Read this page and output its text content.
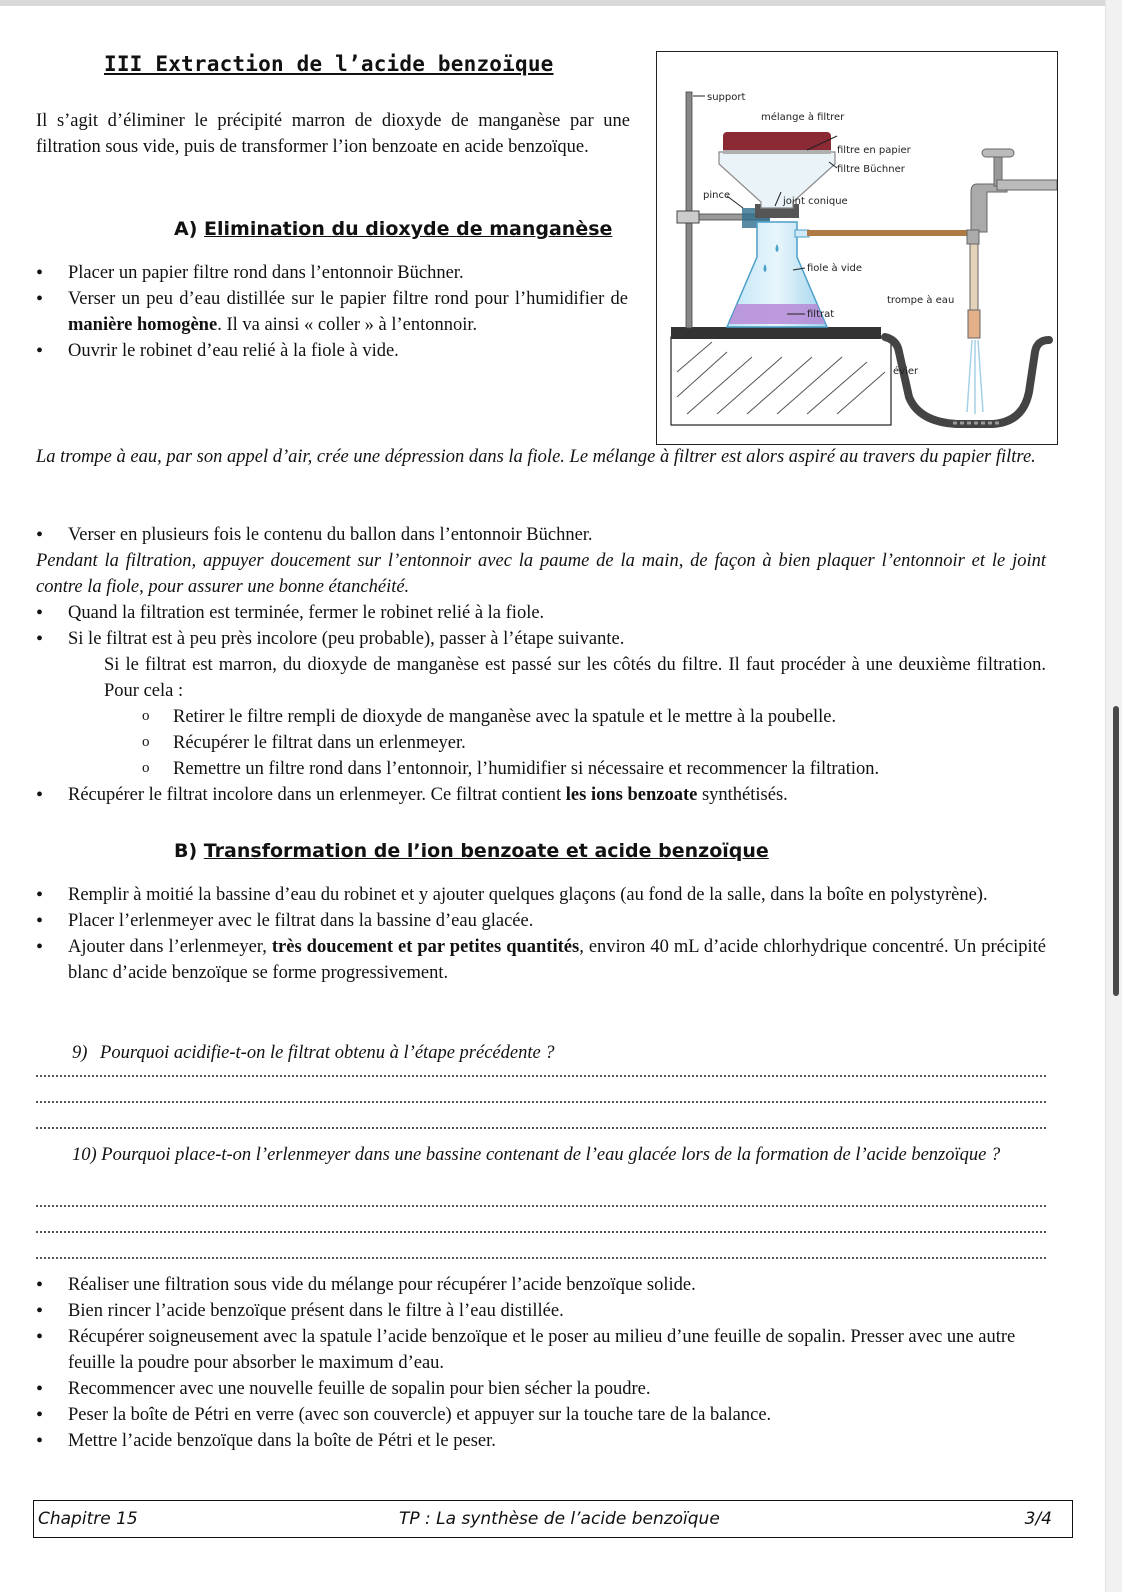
III Extraction de l’acide benzoïque
Il s’agit d’éliminer le précipité marron de dioxyde de manganèse par une filtration sous vide, puis de transformer l’ion benzoate en acide benzoïque.
A) Elimination du dioxyde de manganèse
• Placer un papier filtre rond dans l’entonnoir Büchner.
• Verser un peu d’eau distillée sur le papier filtre rond pour l’humidifier de manière homogène. Il va ainsi « coller » à l’entonnoir.
• Ouvrir le robinet d’eau relié à la fiole à vide.
support
mélange à filtrer
filtre en papier
filtre Büchner
pince
joint conique
fiole à vide
filtrat
trompe à eau
évier
La trompe à eau, par son appel d’air, crée une dépression dans la fiole. Le mélange à filtrer est alors aspiré au travers du papier filtre.
• Verser en plusieurs fois le contenu du ballon dans l’entonnoir Büchner.
Pendant la filtration, appuyer doucement sur l’entonnoir avec la paume de la main, de façon à bien plaquer l’entonnoir et le joint contre la fiole, pour assurer une bonne étanchéité.
• Quand la filtration est terminée, fermer le robinet relié à la fiole.
• Si le filtrat est à peu près incolore (peu probable), passer à l’étape suivante.
Si le filtrat est marron, du dioxyde de manganèse est passé sur les côtés du filtre. Il faut procéder à une deuxième filtration. Pour cela :
o Retirer le filtre rempli de dioxyde de manganèse avec la spatule et le mettre à la poubelle.
o Récupérer le filtrat dans un erlenmeyer.
o Remettre un filtre rond dans l’entonnoir, l’humidifier si nécessaire et recommencer la filtration.
• Récupérer le filtrat incolore dans un erlenmeyer. Ce filtrat contient les ions benzoate synthétisés.
B) Transformation de l’ion benzoate et acide benzoïque
• Remplir à moitié la bassine d’eau du robinet et y ajouter quelques glaçons (au fond de la salle, dans la boîte en polystyrène).
• Placer l’erlenmeyer avec le filtrat dans la bassine d’eau glacée.
• Ajouter dans l’erlenmeyer, très doucement et par petites quantités, environ 40 mL d’acide chlorhydrique concentré. Un précipité blanc d’acide benzoïque se forme progressivement.
9) Pourquoi acidifie-t-on le filtrat obtenu à l’étape précédente ?
10) Pourquoi place-t-on l’erlenmeyer dans une bassine contenant de l’eau glacée lors de la formation de l’acide benzoïque ?
• Réaliser une filtration sous vide du mélange pour récupérer l’acide benzoïque solide.
• Bien rincer l’acide benzoïque présent dans le filtre à l’eau distillée.
• Récupérer soigneusement avec la spatule l’acide benzoïque et le poser au milieu d’une feuille de sopalin. Presser avec une autre feuille la poudre pour absorber le maximum d’eau.
• Recommencer avec une nouvelle feuille de sopalin pour bien sécher la poudre.
• Peser la boîte de Pétri en verre (avec son couvercle) et appuyer sur la touche tare de la balance.
• Mettre l’acide benzoïque dans la boîte de Pétri et le peser.
Chapitre 15	TP : La synthèse de l’acide benzoïque	3/4
